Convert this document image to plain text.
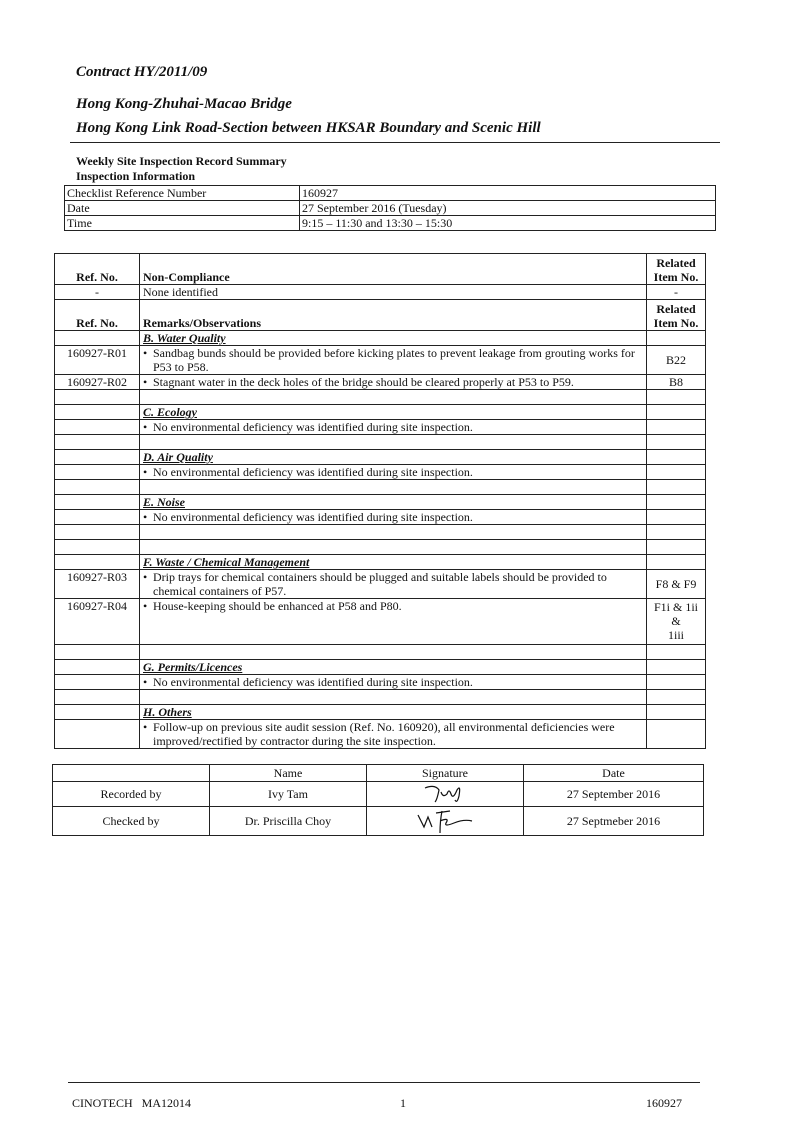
Contract HY/2011/09
Hong Kong-Zhuhai-Macao Bridge
Hong Kong Link Road-Section between HKSAR Boundary and Scenic Hill
Weekly Site Inspection Record Summary
Inspection Information
Checklist Reference Number	160927
Date	27 September 2016 (Tuesday)
Time	9:15 – 11:30 and 13:30 – 15:30
Ref. No.	Non-Compliance	Related
Item No.
-	None identified	-
Ref. No.	Remarks/Observations	Related
Item No.
	B. Water Quality	
160927-R01	• Sandbag bunds should be provided before kicking plates to prevent leakage from grouting works for P53 to P58.	B22
160927-R02	• Stagnant water in the deck holes of the bridge should be cleared properly at P53 to P59.	B8

	C. Ecology	

	• No environmental deficiency was identified during site inspection.

	D. Air Quality	

	• No environmental deficiency was identified during site inspection.

	E. Noise	

	• No environmental deficiency was identified during site inspection.

	F. Waste / Chemical Management	
160927-R03	• Drip trays for chemical containers should be plugged and suitable labels should be provided to chemical containers of P57.	F8 & F9
160927-R04	• House-keeping should be enhanced at P58 and P80.	F1i & 1ii &
1iii

	G. Permits/Licences	

	• No environmental deficiency was identified during site inspection.

	H. Others	

	• Follow-up on previous site audit session (Ref. No. 160920), all environmental deficiencies were improved/rectified by contractor during the site inspection.

	Name	Signature	Date
Recorded by	Ivy Tam		27 September 2016
Checked by	Dr. Priscilla Choy		27 Septmeber 2016
CINOTECH   MA12014	1	160927
